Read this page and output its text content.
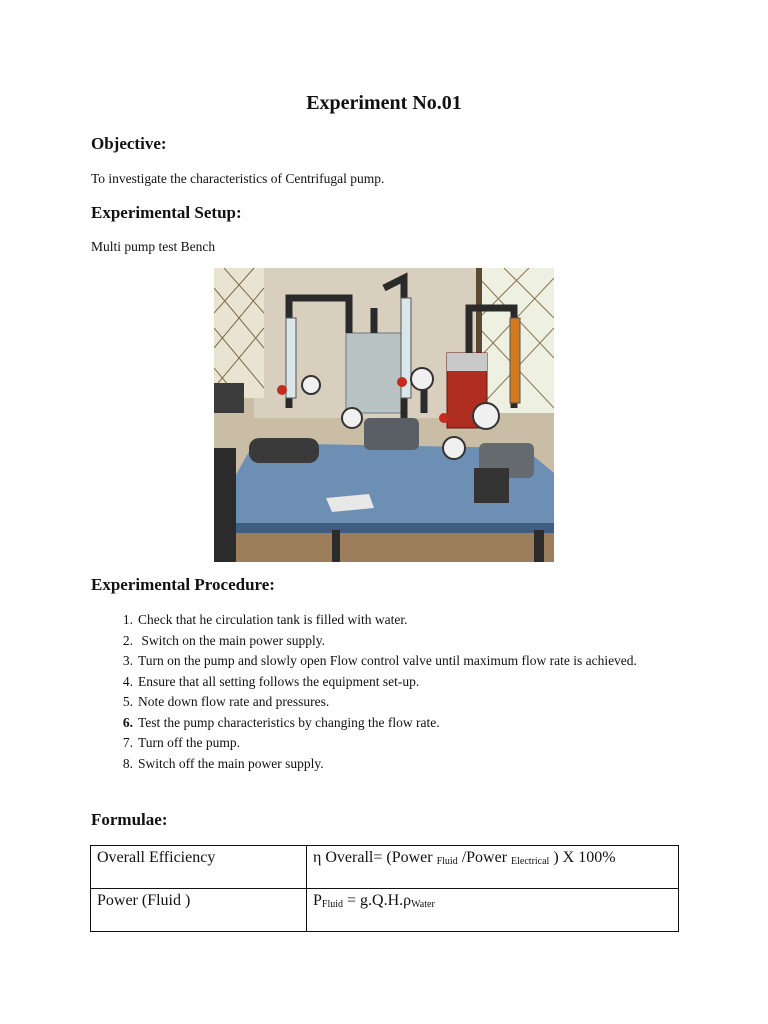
Experiment No.01
Objective:
To investigate the characteristics of Centrifugal pump.
Experimental Setup:
Multi pump test Bench
Experimental Procedure:
1. Check that he circulation tank is filled with water.
2. Switch on the main power supply.
3. Turn on the pump and slowly open Flow control valve until maximum flow rate is achieved.
4. Ensure that all setting follows the equipment set-up.
5. Note down flow rate and pressures.
6. Test the pump characteristics by changing the flow rate.
7. Turn off the pump.
8. Switch off the main power supply.
Formulae:
Overall Efficiency	η Overall= (Power $_{Fluid}$ /Power $_{Electrical}$ ) X 100%
Power (Fluid )	$P_{Fluid} = g.Q.H.\rho_{Water}$
